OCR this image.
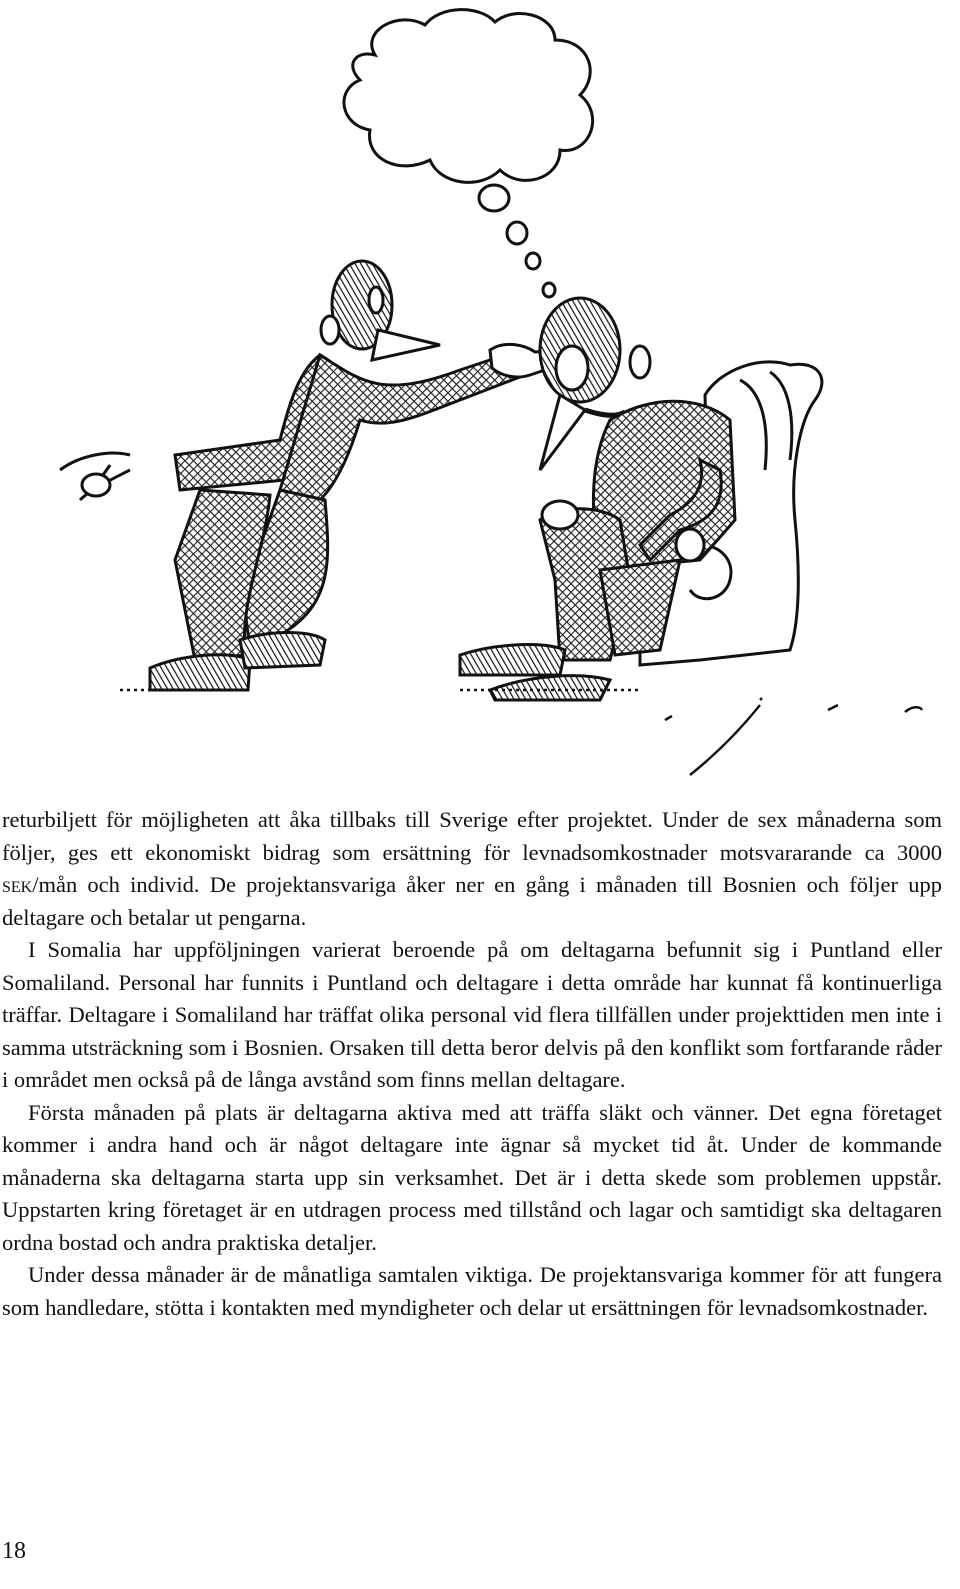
returbiljett för möjligheten att åka tillbaks till Sverige efter projektet. Under de sex månaderna som följer, ges ett ekonomiskt bidrag som ersättning för levnadsomkostnader motsvararande ca 3000 sek/mån och individ. De projektansvariga åker ner en gång i månaden till Bosnien och följer upp deltagare och betalar ut pengarna.

I Somalia har uppföljningen varierat beroende på om deltagarna befunnit sig i Puntland eller Somaliland. Personal har funnits i Puntland och deltagare i detta område har kunnat få kontinuerliga träffar. Deltagare i Somaliland har träffat olika personal vid flera tillfällen under projekttiden men inte i samma utsträckning som i Bosnien. Orsaken till detta beror delvis på den konflikt som fortfarande råder i området men också på de långa avstånd som finns mellan deltagare.

Första månaden på plats är deltagarna aktiva med att träffa släkt och vänner. Det egna företaget kommer i andra hand och är något deltagare inte ägnar så mycket tid åt. Under de kommande månaderna ska deltagarna starta upp sin verksamhet. Det är i detta skede som problemen uppstår. Uppstarten kring företaget är en utdragen process med tillstånd och lagar och samtidigt ska deltagaren ordna bostad och andra praktiska detaljer.

Under dessa månader är de månatliga samtalen viktiga. De projektansvariga kommer för att fungera som handledare, stötta i kontakten med myndigheter och delar ut ersättningen för levnadsomkostnader.

18
